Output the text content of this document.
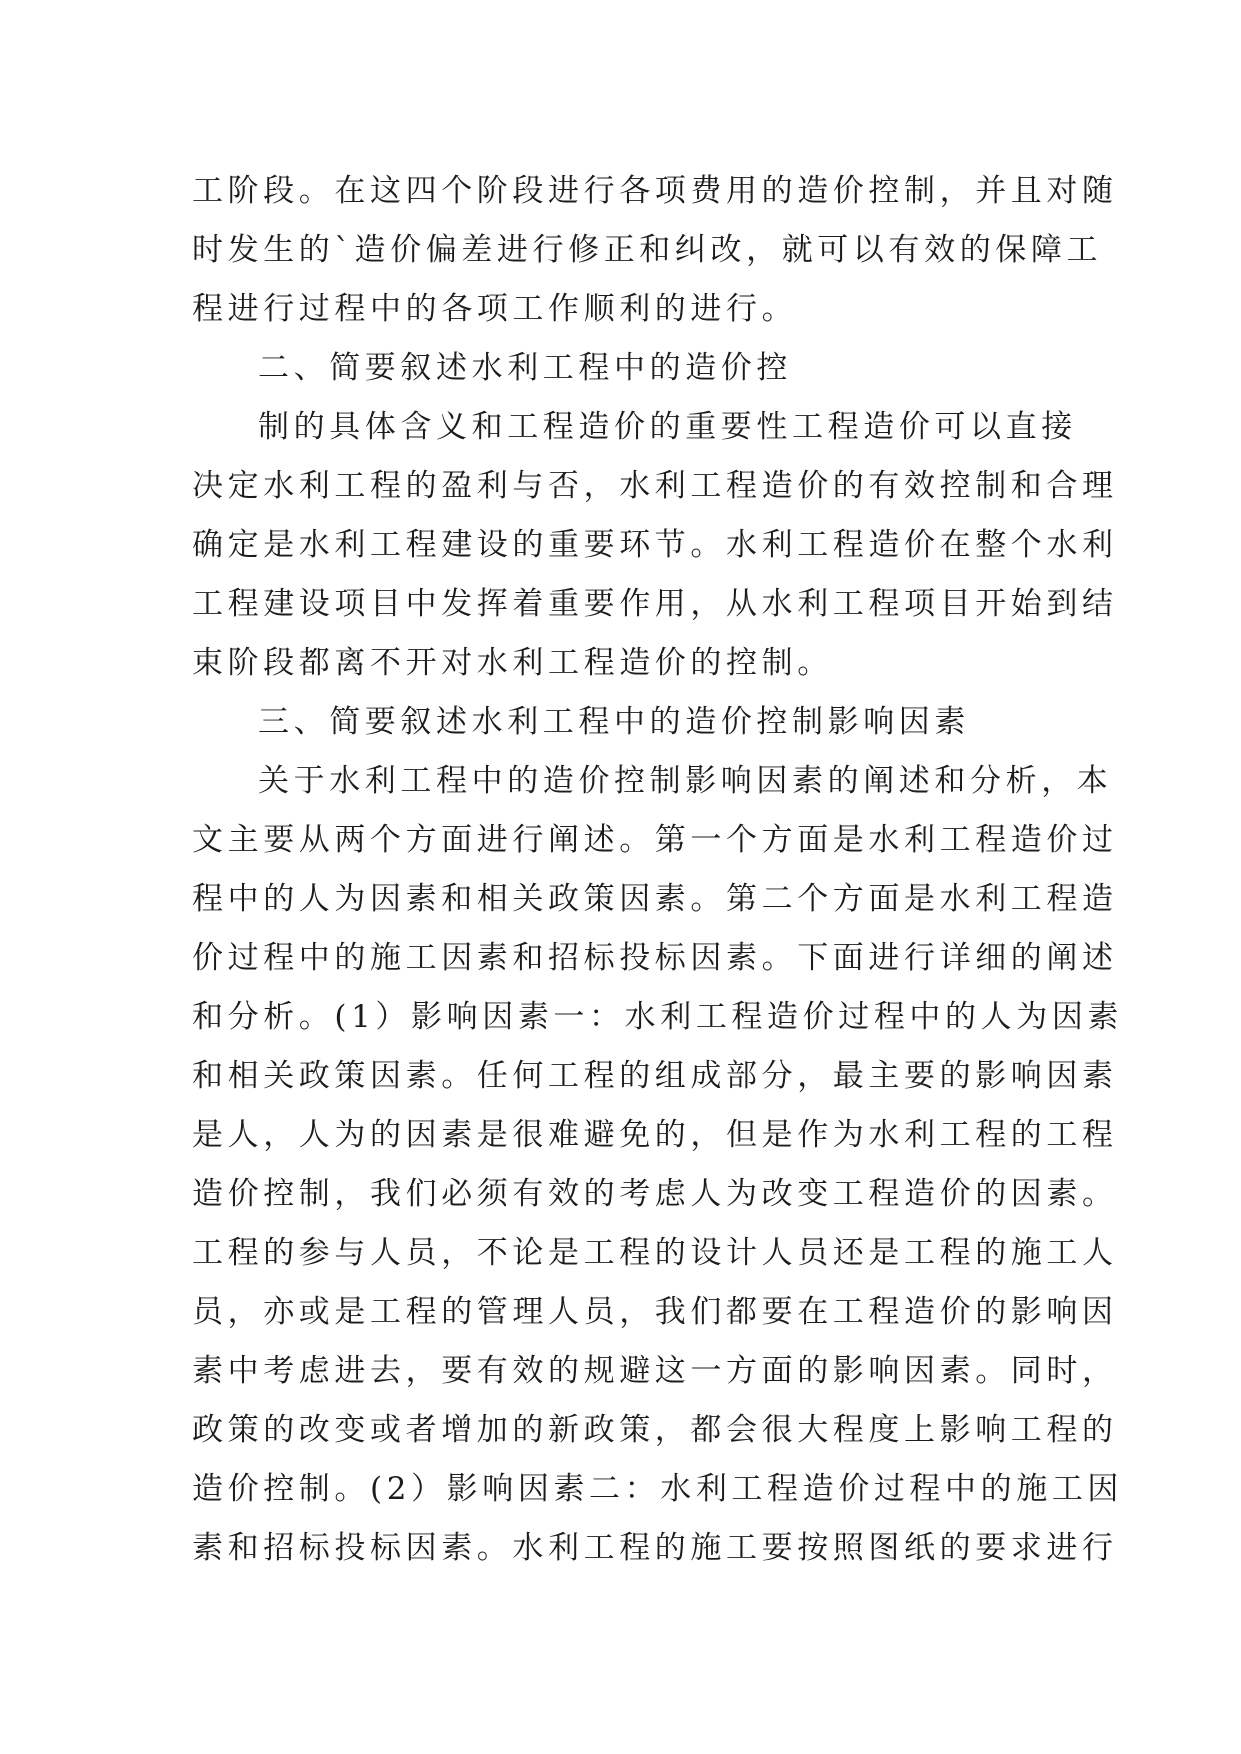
工阶段。在这四个阶段进行各项费用的造价控制，并且对随
时发生的`造价偏差进行修正和纠改，就可以有效的保障工
程进行过程中的各项工作顺利的进行。
二、简要叙述水利工程中的造价控
制的具体含义和工程造价的重要性工程造价可以直接
决定水利工程的盈利与否，水利工程造价的有效控制和合理
确定是水利工程建设的重要环节。水利工程造价在整个水利
工程建设项目中发挥着重要作用，从水利工程项目开始到结
束阶段都离不开对水利工程造价的控制。
三、简要叙述水利工程中的造价控制影响因素
关于水利工程中的造价控制影响因素的阐述和分析，本
文主要从两个方面进行阐述。第一个方面是水利工程造价过
程中的人为因素和相关政策因素。第二个方面是水利工程造
价过程中的施工因素和招标投标因素。下面进行详细的阐述
和分析。(1）影响因素一：水利工程造价过程中的人为因素
和相关政策因素。任何工程的组成部分，最主要的影响因素
是人，人为的因素是很难避免的，但是作为水利工程的工程
造价控制，我们必须有效的考虑人为改变工程造价的因素。
工程的参与人员，不论是工程的设计人员还是工程的施工人
员，亦或是工程的管理人员，我们都要在工程造价的影响因
素中考虑进去，要有效的规避这一方面的影响因素。同时，
政策的改变或者增加的新政策，都会很大程度上影响工程的
造价控制。(2）影响因素二：水利工程造价过程中的施工因
素和招标投标因素。水利工程的施工要按照图纸的要求进行
